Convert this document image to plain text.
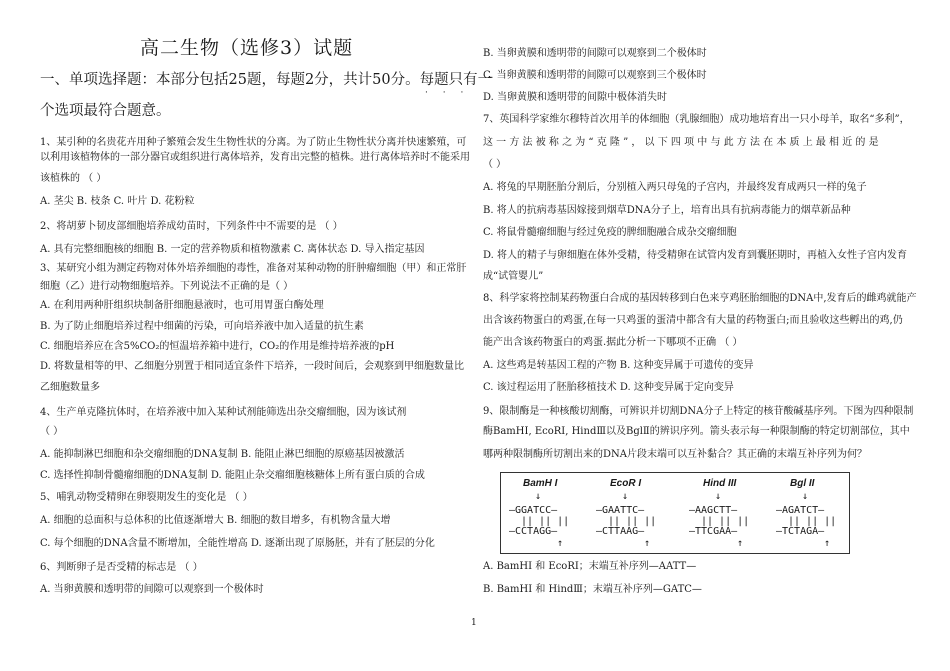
高二生物（选修3）试题
一、单项选择题：本部分包括25题，每题2分，共计50分。每题只有一
· · ·
个选项最符合题意。
1、某引种的名贵花卉用种子繁殖会发生生物性状的分离。为了防止生物性状分离并快速繁殖，可
以利用该植物体的一部分器官或组织进行离体培养，发育出完整的植株。进行离体培养时不能采用
该植株的 （ ）
A. 茎尖 B. 枝条 C. 叶片 D. 花粉粒
2、将胡萝卜韧皮部细胞培养成幼苗时，下列条件中不需要的是 （ ）
A. 具有完整细胞核的细胞 B. 一定的营养物质和植物激素 C. 离体状态 D. 导入指定基因
3、某研究小组为测定药物对体外培养细胞的毒性，准备对某种动物的肝肿瘤细胞（甲）和正常肝
细胞（乙）进行动物细胞培养。下列说法不正确的是（ ）
A. 在利用两种肝组织块制备肝细胞悬液时，也可用胃蛋白酶处理
B. 为了防止细胞培养过程中细菌的污染，可向培养液中加入适量的抗生素
C. 细胞培养应在含5%CO₂的恒温培养箱中进行，CO₂的作用是维持培养液的pH
D. 将数量相等的甲、乙细胞分别置于相同适宜条件下培养，一段时间后，会观察到甲细胞数量比
乙细胞数量多
4、生产单克隆抗体时，在培养液中加入某种试剂能筛选出杂交瘤细胞，因为该试剂
（ ）
A. 能抑制淋巴细胞和杂交瘤细胞的DNA复制 B. 能阻止淋巴细胞的原癌基因被激活
C. 选择性抑制骨髓瘤细胞的DNA复制 D. 能阻止杂交瘤细胞核糖体上所有蛋白质的合成
5、哺乳动物受精卵在卵裂期发生的变化是 （ ）
A. 细胞的总面积与总体积的比值逐渐增大 B. 细胞的数目增多，有机物含量大增
C. 每个细胞的DNA含量不断增加，全能性增高 D. 逐渐出现了原肠胚，并有了胚层的分化
6、判断卵子是否受精的标志是 （ ）
A. 当卵黄膜和透明带的间隙可以观察到一个极体时
B. 当卵黄膜和透明带的间隙可以观察到二个极体时
C. 当卵黄膜和透明带的间隙可以观察到三个极体时
D. 当卵黄膜和透明带的间隙中极体消失时
7、英国科学家维尔穆特首次用羊的体细胞（乳腺细胞）成功地培育出一只小母羊，取名“多利”，
这 一 方 法 被 称 之 为 “ 克 隆 ” ， 以 下 四 项 中 与 此 方 法 在 本 质 上 最 相 近 的 是
（ ）
A. 将兔的早期胚胎分割后，分别植入两只母兔的子宫内，并最终发育成两只一样的兔子
B. 将人的抗病毒基因嫁接到烟草DNA分子上，培育出具有抗病毒能力的烟草新品种
C. 将鼠骨髓瘤细胞与经过免疫的脾细胞融合成杂交瘤细胞
D. 将人的精子与卵细胞在体外受精，待受精卵在试管内发育到囊胚期时，再植入女性子宫内发育
成“试管婴儿”
8、科学家将控制某药物蛋白合成的基因转移到白色来亨鸡胚胎细胞的DNA中,发育后的雌鸡就能产
出含该药物蛋白的鸡蛋,在每一只鸡蛋的蛋清中都含有大量的药物蛋白;而且验收这些孵出的鸡,仍
能产出含该药物蛋白的鸡蛋.据此分析一下哪项不正确 （ ）
A. 这些鸡是转基因工程的产物 B. 这种变异属于可遗传的变异
C. 该过程运用了胚胎移植技术 D. 这种变异属于定向变异
9、限制酶是一种核酸切割酶，可辨识并切割DNA分子上特定的核苷酸碱基序列。下图为四种限制
酶BamHⅠ, EcoRⅠ, HindⅢ以及BglⅡ的辨识序列。箭头表示每一种限制酶的特定切割部位，其中
哪两种限制酶所切割出来的DNA片段末端可以互补黏合？其正确的末端互补序列为何？
BamH I
↓
—GGATCC—
|| || ||
—CCTAGG—
↑
EcoR I
↓
—GAATTC—
|| || ||
—CTTAAG—
↑
Hind III
↓
—AAGCTT—
|| || ||
—TTCGAA—
↑
Bgl II
↓
—AGATCT—
|| || ||
—TCTAGA—
↑
A. BamHⅠ 和 EcoRⅠ；末端互补序列—AATT—
B. BamHⅠ 和 HindⅢ；末端互补序列—GATC—
1
